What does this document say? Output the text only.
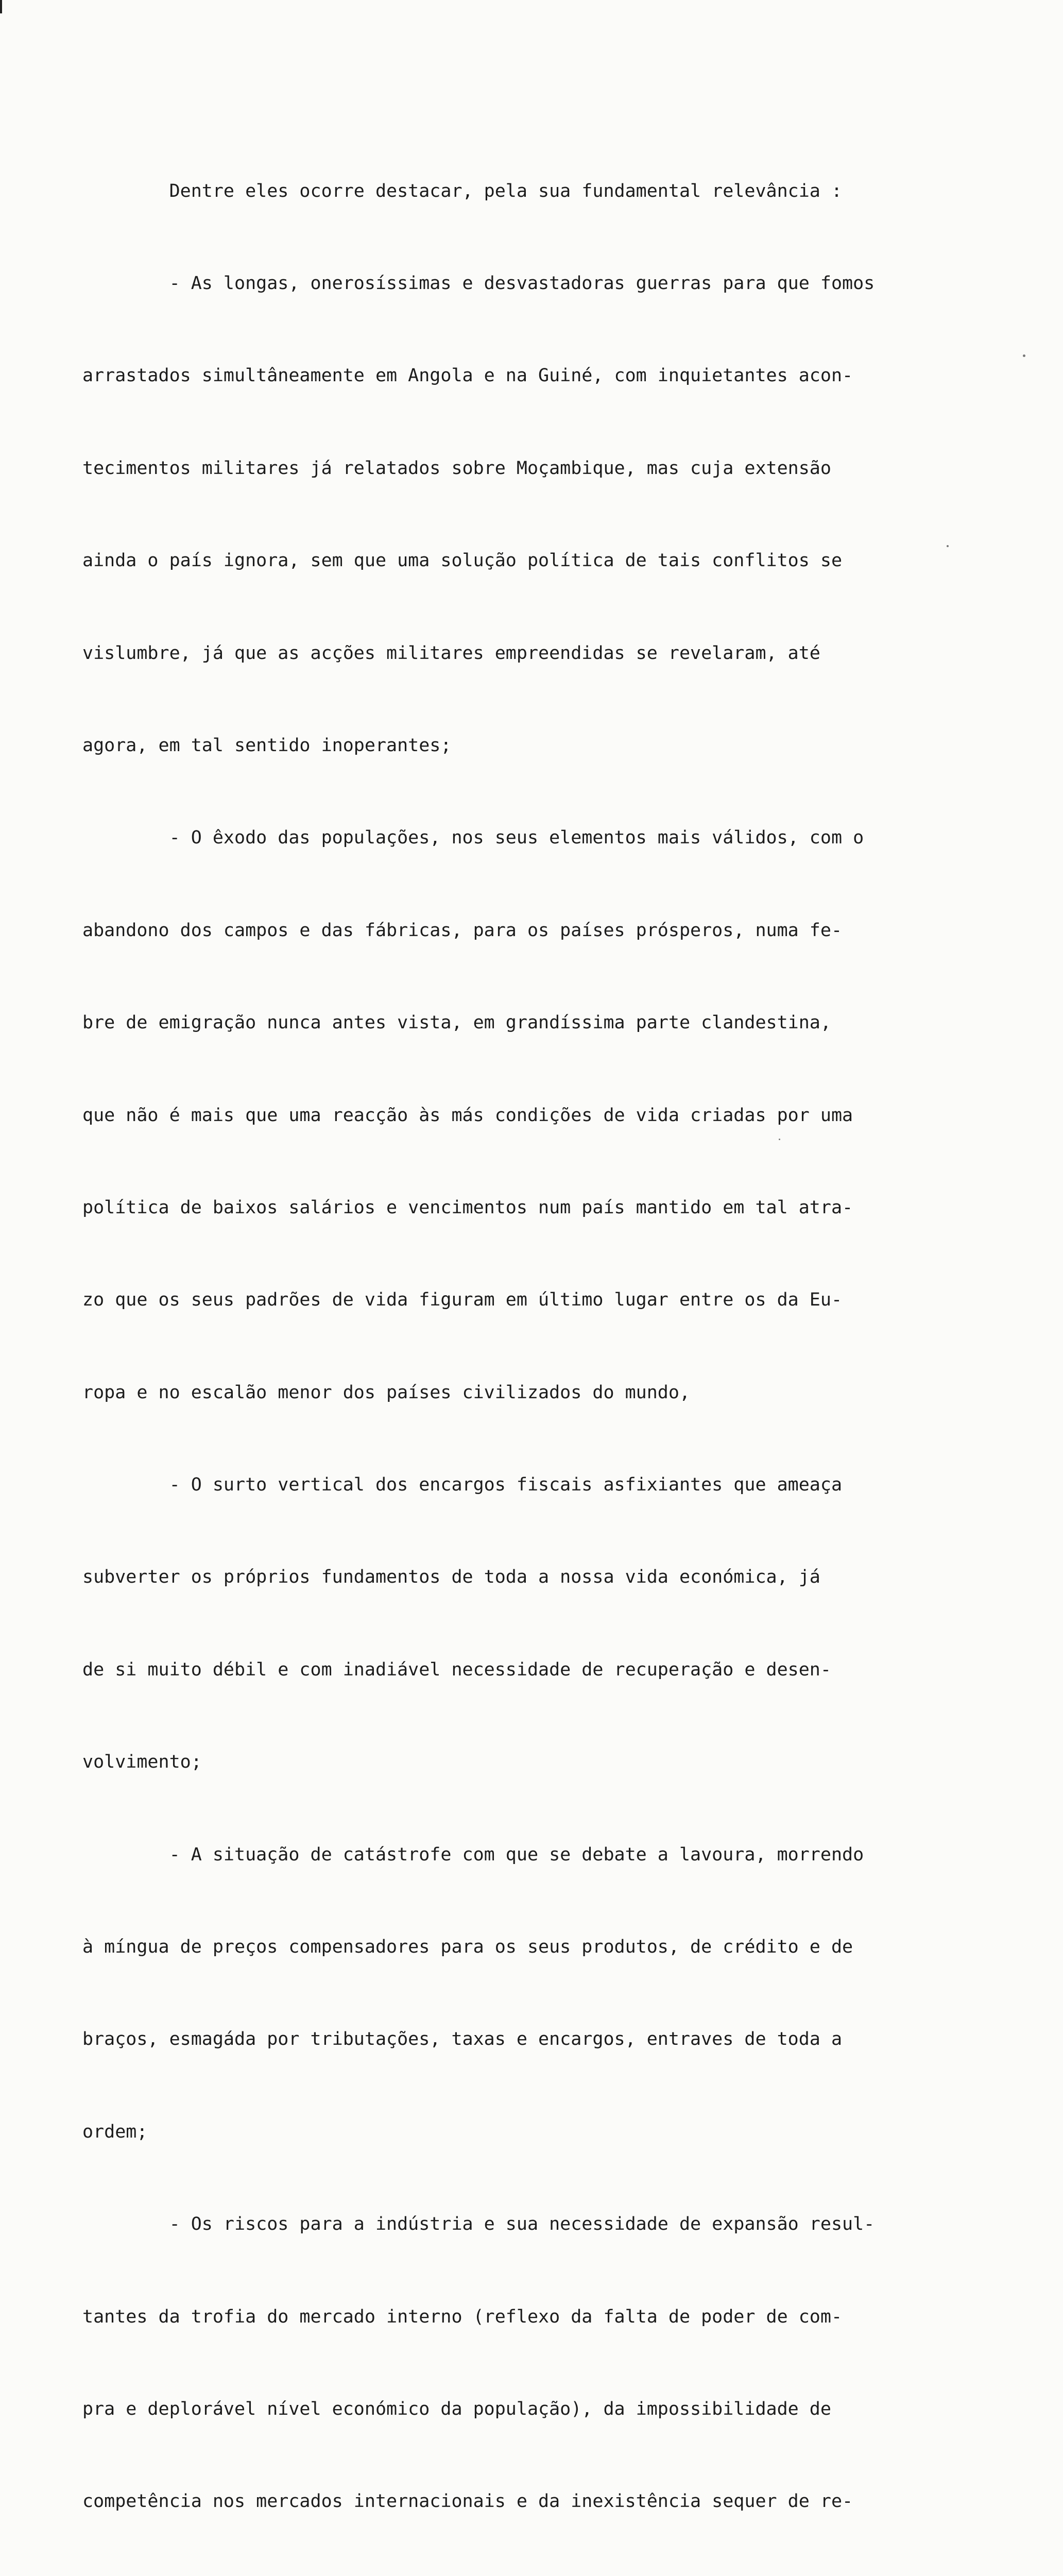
Dentre eles ocorre destacar, pela sua fundamental relevância :

- As longas, onerosíssimas e desvastadoras guerras para que fomos

arrastados simultâneamente em Angola e na Guiné, com inquietantes acon-

tecimentos militares já relatados sobre Moçambique, mas cuja extensão

ainda o país ignora, sem que uma solução política de tais conflitos se

vislumbre, já que as acções militares empreendidas se revelaram, até

agora, em tal sentido inoperantes;

- O êxodo das populações, nos seus elementos mais válidos, com o

abandono dos campos e das fábricas, para os países prósperos, numa fe-

bre de emigração nunca antes vista, em grandíssima parte clandestina,

que não é mais que uma reacção às más condições de vida criadas por uma

política de baixos salários e vencimentos num país mantido em tal atra-

zo que os seus padrões de vida figuram em último lugar entre os da Eu-

ropa e no escalão menor dos países civilizados do mundo,

- O surto vertical dos encargos fiscais asfixiantes que ameaça

subverter os próprios fundamentos de toda a nossa vida económica, já

de si muito débil e com inadiável necessidade de recuperação e desen-

volvimento;

- A situação de catástrofe com que se debate a lavoura, morrendo

à míngua de preços compensadores para os seus produtos, de crédito e de

braços, esmagáda por tributações, taxas e encargos, entraves de toda a

ordem;

- Os riscos para a indústria e sua necessidade de expansão resul-

tantes da trofia do mercado interno (reflexo da falta de poder de com-

pra e deplorável nível económico da população), da impossibilidade de

competência nos mercados internacionais e da inexistência sequer de re-
